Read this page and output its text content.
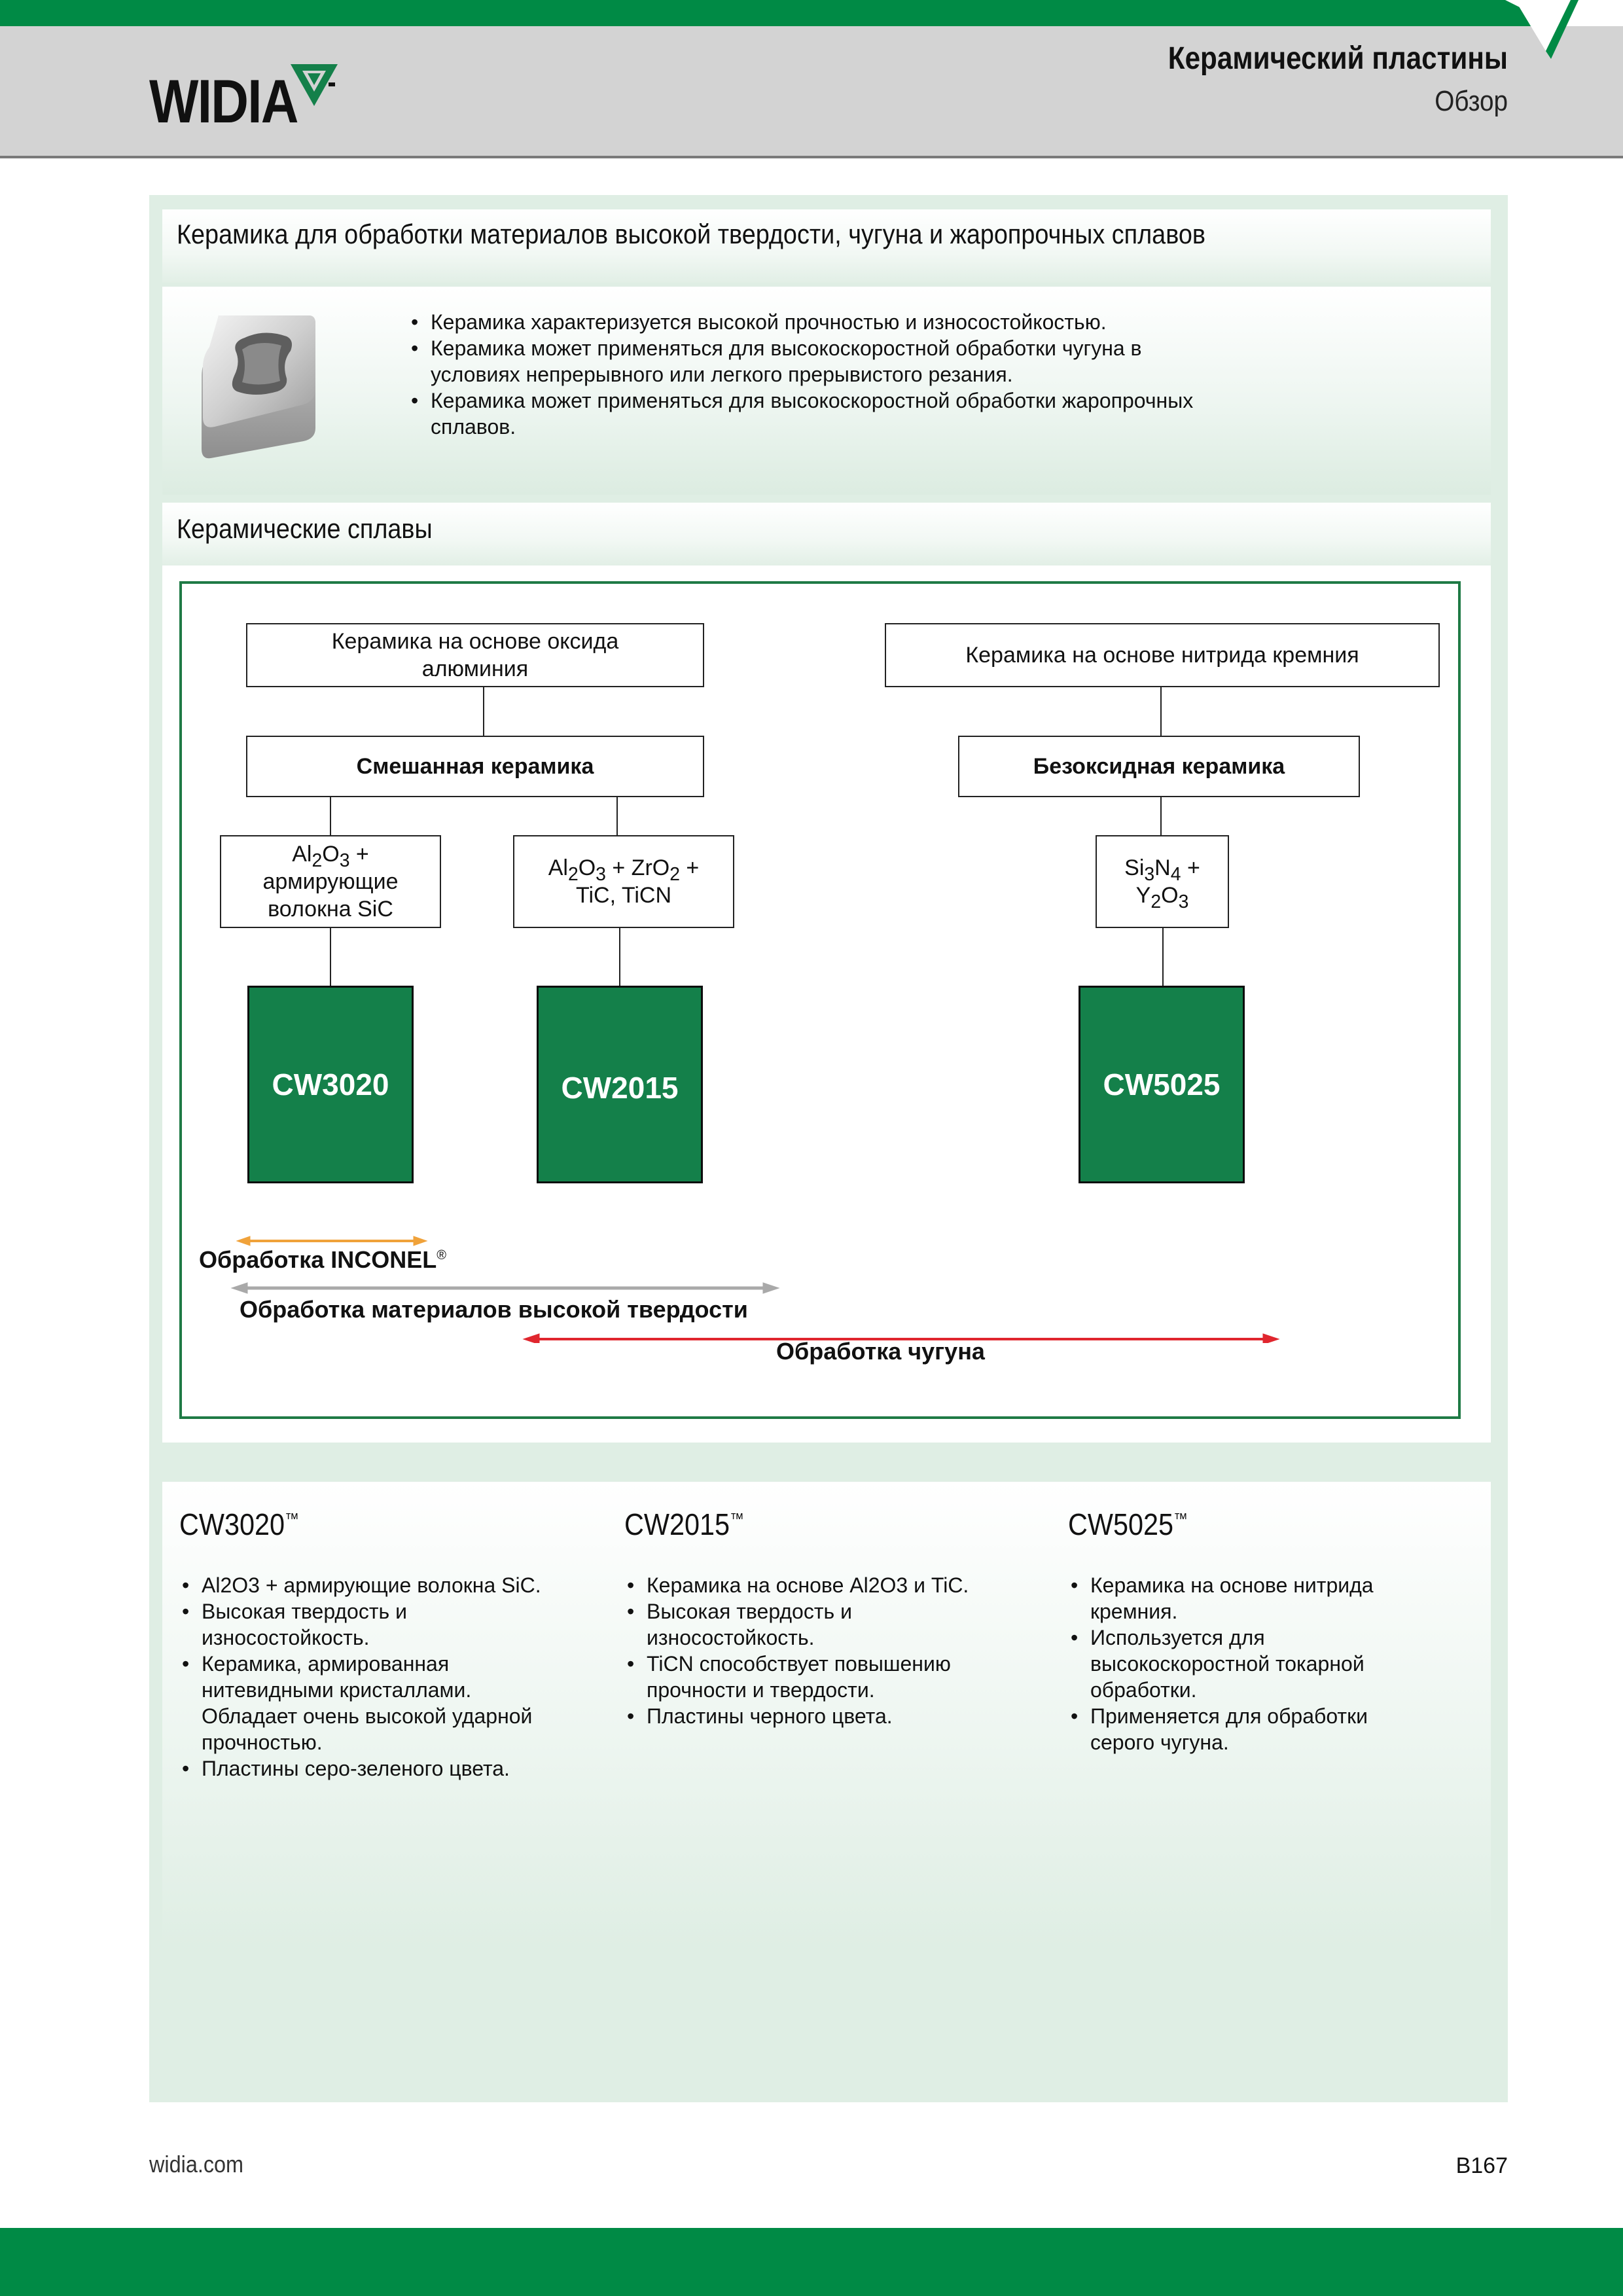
WIDIA
Керамический пластины
Обзор
Керамика для обработки материалов высокой твердости, чугуна и жаропрочных сплавов
• Керамика характеризуется высокой прочностью и износостойкостью.
• Керамика может применяться для высокоскоростной обработки чугуна в условиях непрерывного или легкого прерывистого резания.
• Керамика может применяться для высокоскоростной обработки жаропрочных сплавов.
Керамические сплавы
Керамика на основе оксида алюминия
Керамика на основе нитрида кремния
Смешанная керамика	Безоксидная керамика
$Al_2O_3$ +
армирующие
волокна SiC
$Al_2O_3 + ZrO_2$ +
TiC, TiCN
$Si_3N_4$ +
$Y_2O_3$
CW3020	CW2015	CW5025
Обработка INCONEL®
Обработка материалов высокой твердости
Обработка чугуна
CW3020™
• Al2O3 + армирующие волокна SiC.
• Высокая твердость и износостойкость.
• Керамика, армированная нитевидными кристаллами. Обладает очень высокой ударной прочностью.
• Пластины серо-зеленого цвета.
CW2015™
• Керамика на основе Al2O3 и TiC.
• Высокая твердость и износостойкость.
• TiCN способствует повышению прочности и твердости.
• Пластины черного цвета.
CW5025™
• Керамика на основе нитрида кремния.
• Используется для высокоскоростной токарной обработки.
• Применяется для обработки серого чугуна.
widia.com	B167
